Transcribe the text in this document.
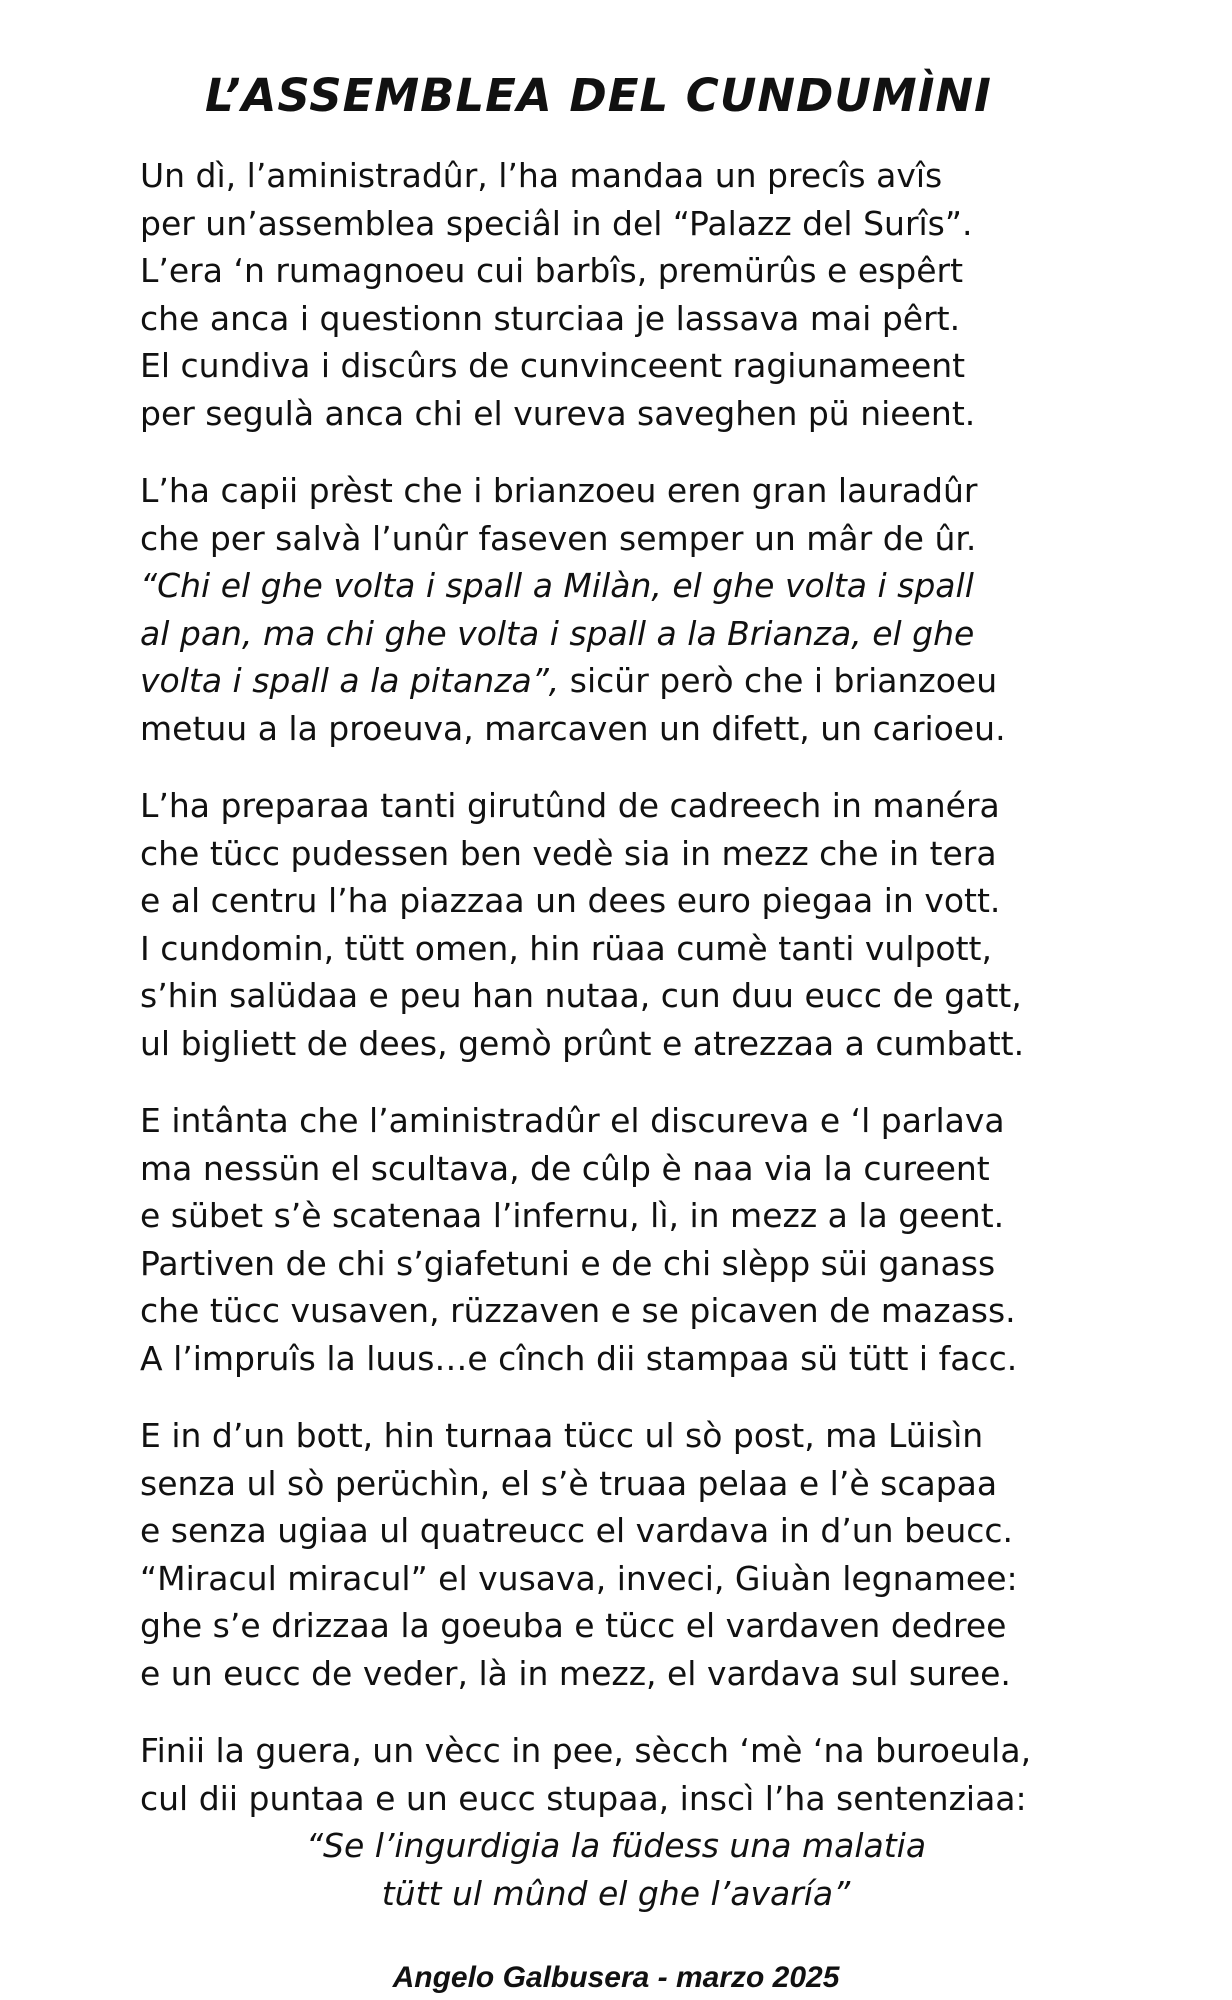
L’ASSEMBLEA DEL CUNDUMÌNI
Un dì, l’aministradûr, l’ha mandaa un precîs avîs
per un’assemblea speciâl in del “Palazz del Surîs”.
L’era ‘n rumagnoeu cui barbîs, premürûs e espêrt
che anca i questionn sturciaa je lassava mai pêrt.
El cundiva i discûrs de cunvinceent ragiunameent
per segulà anca chi el vureva saveghen pü nieent.
L’ha capii prèst che i brianzoeu eren gran lauradûr
che per salvà l’unûr faseven semper un mâr de ûr.
“Chi el ghe volta i spall a Milàn, el ghe volta i spall
al pan, ma chi ghe volta i spall a la Brianza, el ghe
volta i spall a la pitanza”, sicür però che i brianzoeu
metuu a la proeuva, marcaven un difett, un carioeu.
L’ha preparaa tanti girutûnd de cadreech in manéra
che tücc pudessen ben vedè sia in mezz che in tera
e al centru l’ha piazzaa un dees euro piegaa in vott.
I cundomin, tütt omen, hin rüaa cumè tanti vulpott,
s’hin salüdaa e peu han nutaa, cun duu eucc de gatt,
ul bigliett de dees, gemò prûnt e atrezzaa a cumbatt.
E intânta che l’aministradûr el discureva e ‘l parlava
ma nessün el scultava, de cûlp è naa via la cureent
e sübet s’è scatenaa l’infernu, lì, in mezz a la geent.
Partiven de chi s’giafetuni e de chi slèpp süi ganass
che tücc vusaven, rüzzaven e se picaven de mazass.
A l’impruîs la luus…e cînch dii stampaa sü tütt i facc.
E in d’un bott, hin turnaa tücc ul sò post, ma Lüisìn
senza ul sò perüchìn, el s’è truaa pelaa e l’è scapaa
e senza ugiaa ul quatreucc el vardava in d’un beucc.
“Miracul miracul” el vusava, inveci, Giuàn legnamee:
ghe s’e drizzaa la goeuba e tücc el vardaven dedree
e un eucc de veder, là in mezz, el vardava sul suree.
Finii la guera, un vècc in pee, sècch ‘mè ‘na buroeula,
cul dii puntaa e un eucc stupaa, inscì l’ha sentenziaa:
“Se l’ingurdigia la füdess una malatia
tütt ul mûnd el ghe l’avaría”
Angelo Galbusera - marzo 2025
